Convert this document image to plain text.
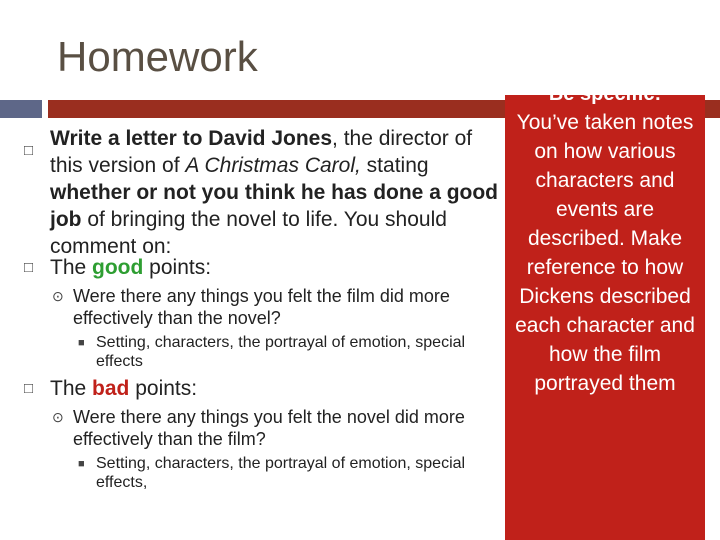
Homework
□
Write a letter to David Jones, the director of this version of A Christmas Carol, stating whether or not you think he has done a good job of bringing the novel to life. You should comment on:
□ The good points:
⊙ Were there any things you felt the film did more effectively than the novel?
■ Setting, characters, the portrayal of emotion, special effects
□ The bad points:
⊙ Were there any things you felt the novel did more effectively than the film?
■ Setting, characters, the portrayal of emotion, special effects,
Be specific:
You’ve taken notes on how various characters and events are described. Make reference to how Dickens described each character and how the film portrayed them
